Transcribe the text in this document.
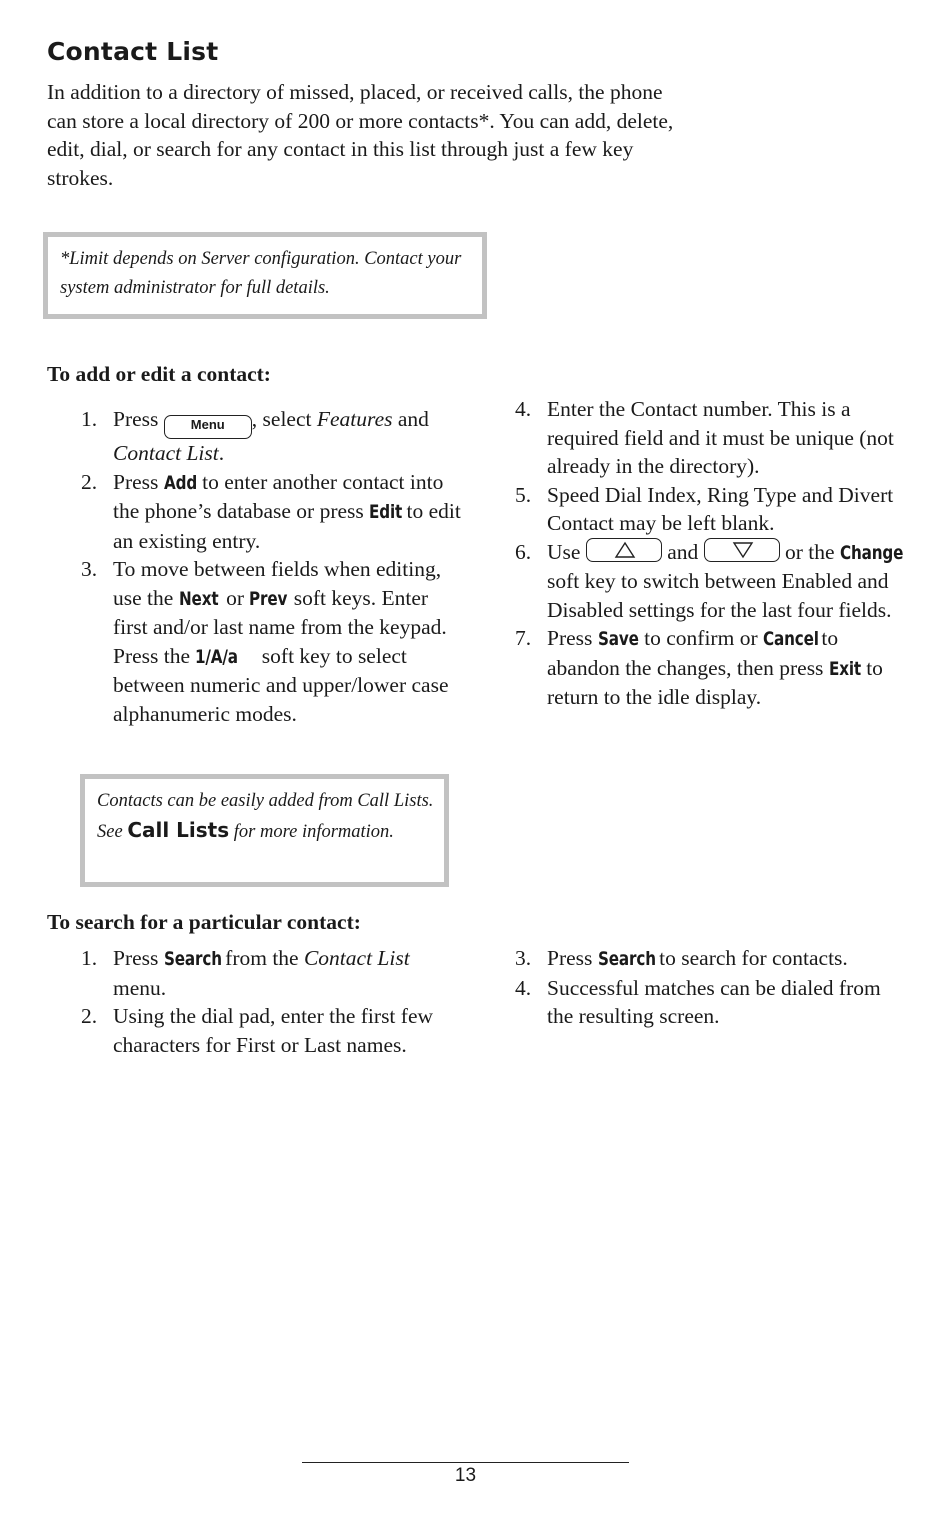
Contact List

In addition to a directory of missed, placed, or received calls, the phone can store a local directory of 200 or more contacts*. You can add, delete, edit, dial, or search for any contact in this list through just a few key strokes.

*Limit depends on Server configuration. Contact your system administrator for full details.
To add or edit a contact:
1. Press Menu , select Features and Contact List.
2. Press Add to enter another contact into the phone’s database or press Edit to edit an existing entry.
3. To move between fields when editing, use the Next or Prev soft keys. Enter first and/or last name from the keypad. Press the 1/A/a soft key to select between numeric and upper/lower case alphanumeric modes.
4. Enter the Contact number. This is a required field and it must be unique (not already in the directory).
5. Speed Dial Index, Ring Type and Divert Contact may be left blank.
6. Use	and	or the Change soft key to switch between Enabled and Disabled settings for the last four fields.
7. Press Save to confirm or Cancel to abandon the changes, then press Exit to return to the idle display.
Contacts can be easily added from Call Lists. See Call Lists for more information.
To search for a particular contact:
1. Press Search from the Contact List menu.
2. Using the dial pad, enter the first few characters for First or Last names.
3. Press Search to search for contacts.
4. Successful matches can be dialed from the resulting screen.
13
